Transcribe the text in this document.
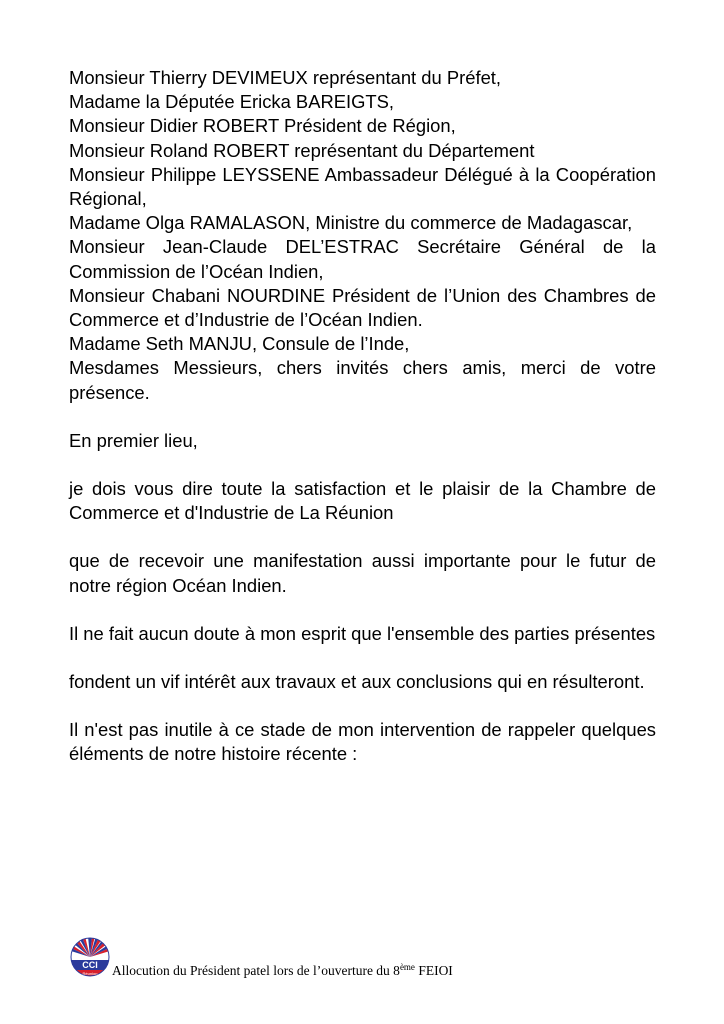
Monsieur Thierry DEVIMEUX représentant du Préfet,

Madame la Députée Ericka BAREIGTS,

Monsieur Didier ROBERT Président de Région,

Monsieur Roland ROBERT représentant du Département

Monsieur Philippe LEYSSENE Ambassadeur Délégué à la Coopération Régional,

Madame Olga RAMALASON, Ministre du commerce de Madagascar,

Monsieur Jean-Claude DEL’ESTRAC Secrétaire Général de la Commission de l’Océan Indien,

Monsieur Chabani NOURDINE Président de l’Union des Chambres de Commerce et d’Industrie de l’Océan Indien.

Madame Seth MANJU, Consule de l’Inde,

Mesdames Messieurs, chers invités chers amis, merci de votre présence.

En premier lieu,

je dois vous dire toute la satisfaction et le plaisir de la Chambre de Commerce et d'Industrie de La Réunion

que de recevoir une manifestation aussi importante pour le futur de notre région Océan Indien.

Il ne fait aucun doute à mon esprit que l'ensemble des parties présentes

fondent un vif intérêt aux travaux et aux conclusions qui en résulteront.

Il n'est pas inutile à ce stade de mon intervention de rappeler quelques éléments de notre histoire récente :

CCI
Réunion Allocution du Président patel lors de l’ouverture du 8ème FEIOI
